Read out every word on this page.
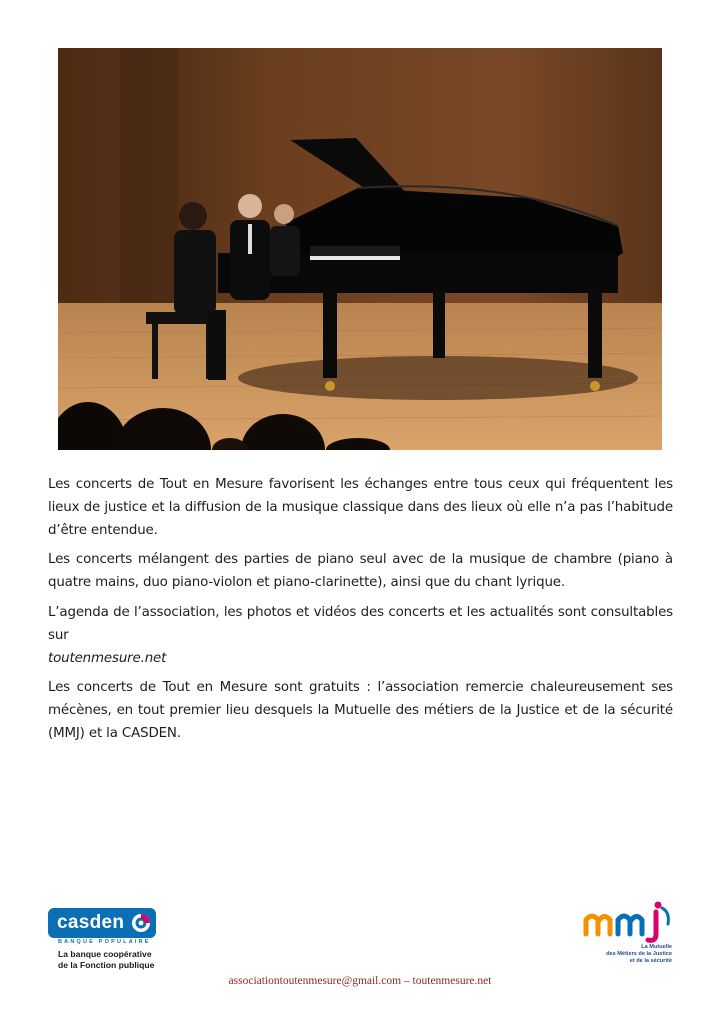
Les concerts de Tout en Mesure favorisent les échanges entre tous ceux qui fréquentent les lieux de justice et la diffusion de la musique classique dans des lieux où elle n’a pas l’habitude d’être entendue.

Les concerts mélangent des parties de piano seul avec de la musique de chambre (piano à quatre mains, duo piano-violon et piano-clarinette), ainsi que du chant lyrique.

L’agenda de l’association, les photos et vidéos des concerts et les actualités sont consultables sur
toutenmesure.net

Les concerts de Tout en Mesure sont gratuits : l’association remercie chaleureusement ses mécènes, en tout premier lieu desquels la Mutuelle des métiers de la Justice et de la sécurité (MMJ) et la CASDEN.

casden
BANQUE POPULAIRE
La banque coopérative
de la Fonction publique
La Mutuelle
des Métiers de la Justice
et de la sécurité
associationtoutenmesure@gmail.com – toutenmesure.net
